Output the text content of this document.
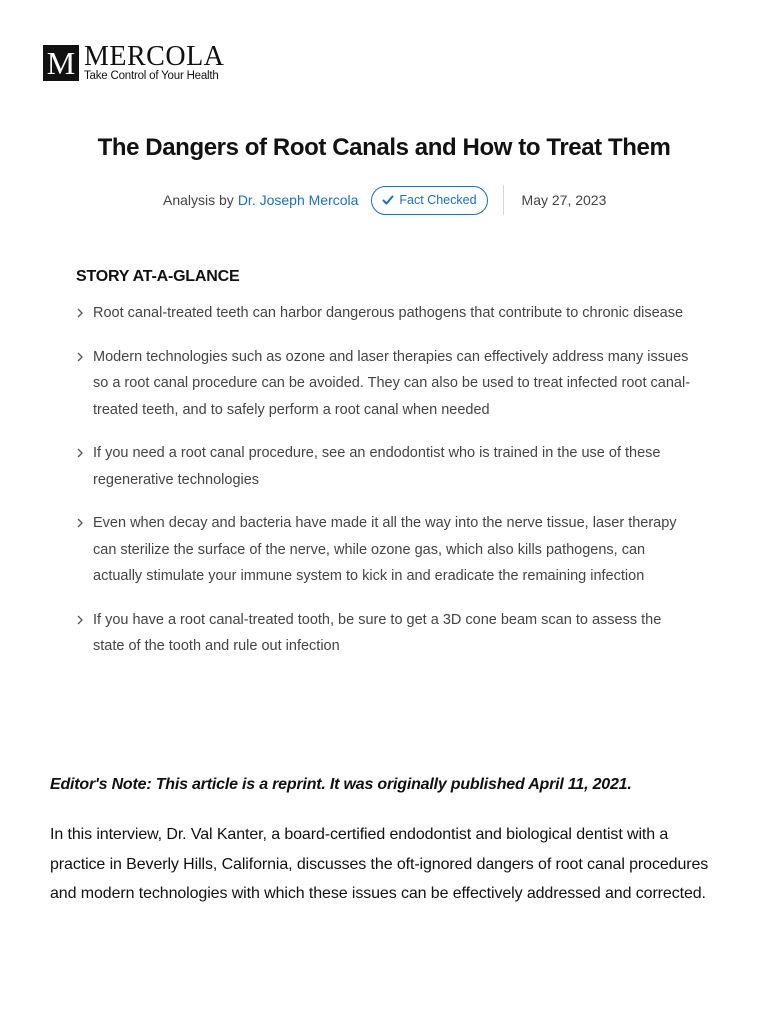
M MERCOLA
Take Control of Your Health
The Dangers of Root Canals and How to Treat Them
Analysis by Dr. Joseph Mercola	Fact Checked	May 27, 2023
STORY AT-A-GLANCE
Root canal-treated teeth can harbor dangerous pathogens that contribute to chronic disease
Modern technologies such as ozone and laser therapies can effectively address many issues so a root canal procedure can be avoided. They can also be used to treat infected root canal-treated teeth, and to safely perform a root canal when needed
If you need a root canal procedure, see an endodontist who is trained in the use of these regenerative technologies
Even when decay and bacteria have made it all the way into the nerve tissue, laser therapy can sterilize the surface of the nerve, while ozone gas, which also kills pathogens, can actually stimulate your immune system to kick in and eradicate the remaining infection
If you have a root canal-treated tooth, be sure to get a 3D cone beam scan to assess the state of the tooth and rule out infection

Editor's Note: This article is a reprint. It was originally published April 11, 2021.

In this interview, Dr. Val Kanter, a board-certified endodontist and biological dentist with a practice in Beverly Hills, California, discusses the oft-ignored dangers of root canal procedures and modern technologies with which these issues can be effectively addressed and corrected.
